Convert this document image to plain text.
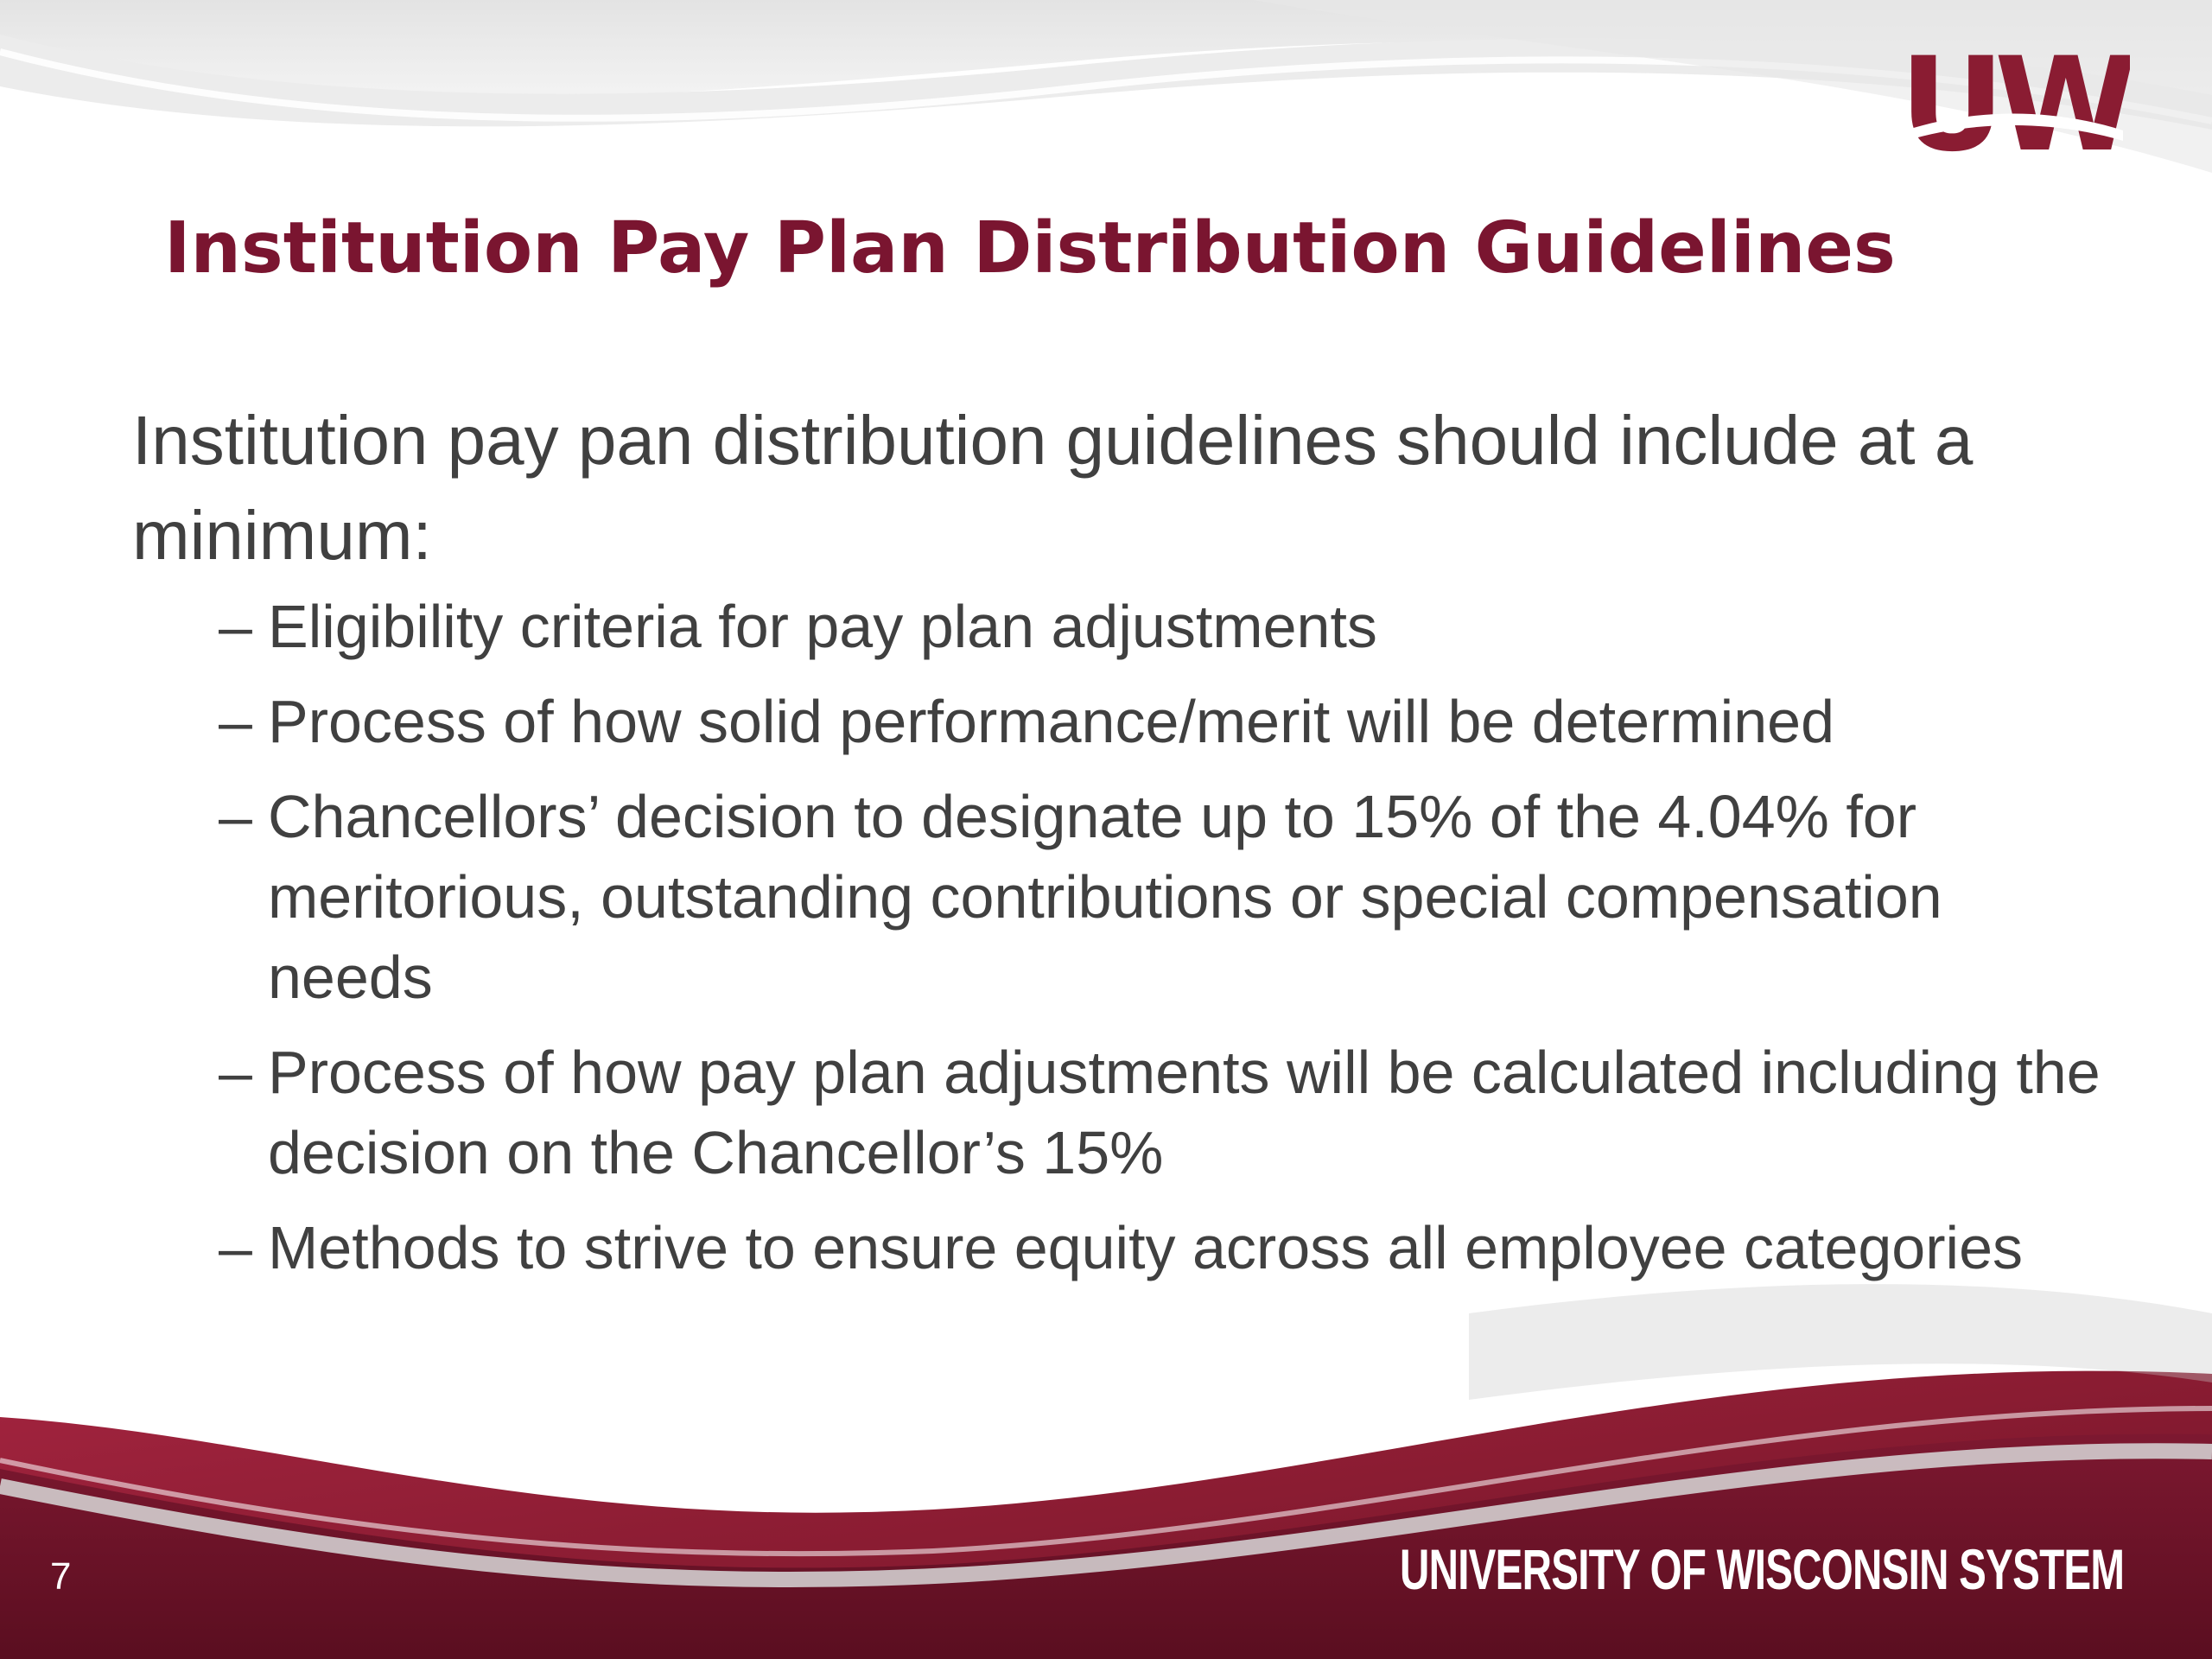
UW
Institution Pay Plan Distribution Guidelines

Institution pay pan distribution guidelines should include at a minimum:

– Eligibility criteria for pay plan adjustments
– Process of how solid performance/merit will be determined
– Chancellors’ decision to designate up to 15% of the 4.04% for meritorious, outstanding contributions or special compensation needs
– Process of how pay plan adjustments will be calculated including the decision on the Chancellor’s 15%
– Methods to strive to ensure equity across all employee categories
7	UNIVERSITY OF WISCONSIN SYSTEM
